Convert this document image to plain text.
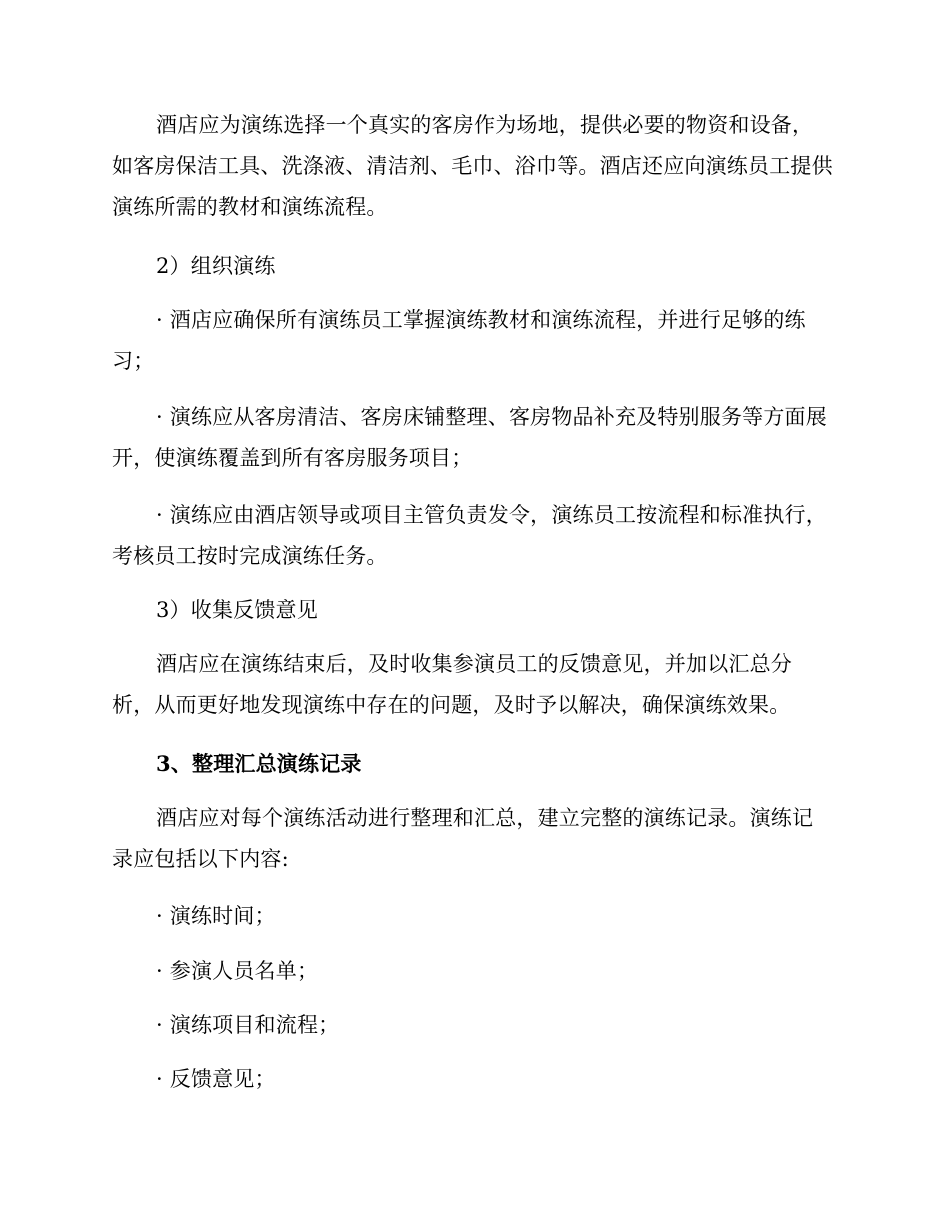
酒店应为演练选择一个真实的客房作为场地，提供必要的物资和设备，如客房保洁工具、洗涤液、清洁剂、毛巾、浴巾等。酒店还应向演练员工提供演练所需的教材和演练流程。

2）组织演练

· 酒店应确保所有演练员工掌握演练教材和演练流程，并进行足够的练习；

· 演练应从客房清洁、客房床铺整理、客房物品补充及特别服务等方面展开，使演练覆盖到所有客房服务项目；

· 演练应由酒店领导或项目主管负责发令，演练员工按流程和标准执行，考核员工按时完成演练任务。

3）收集反馈意见

酒店应在演练结束后，及时收集参演员工的反馈意见，并加以汇总分析，从而更好地发现演练中存在的问题，及时予以解决，确保演练效果。

3、整理汇总演练记录

酒店应对每个演练活动进行整理和汇总，建立完整的演练记录。演练记录应包括以下内容:

· 演练时间；

· 参演人员名单；

· 演练项目和流程；

· 反馈意见；
